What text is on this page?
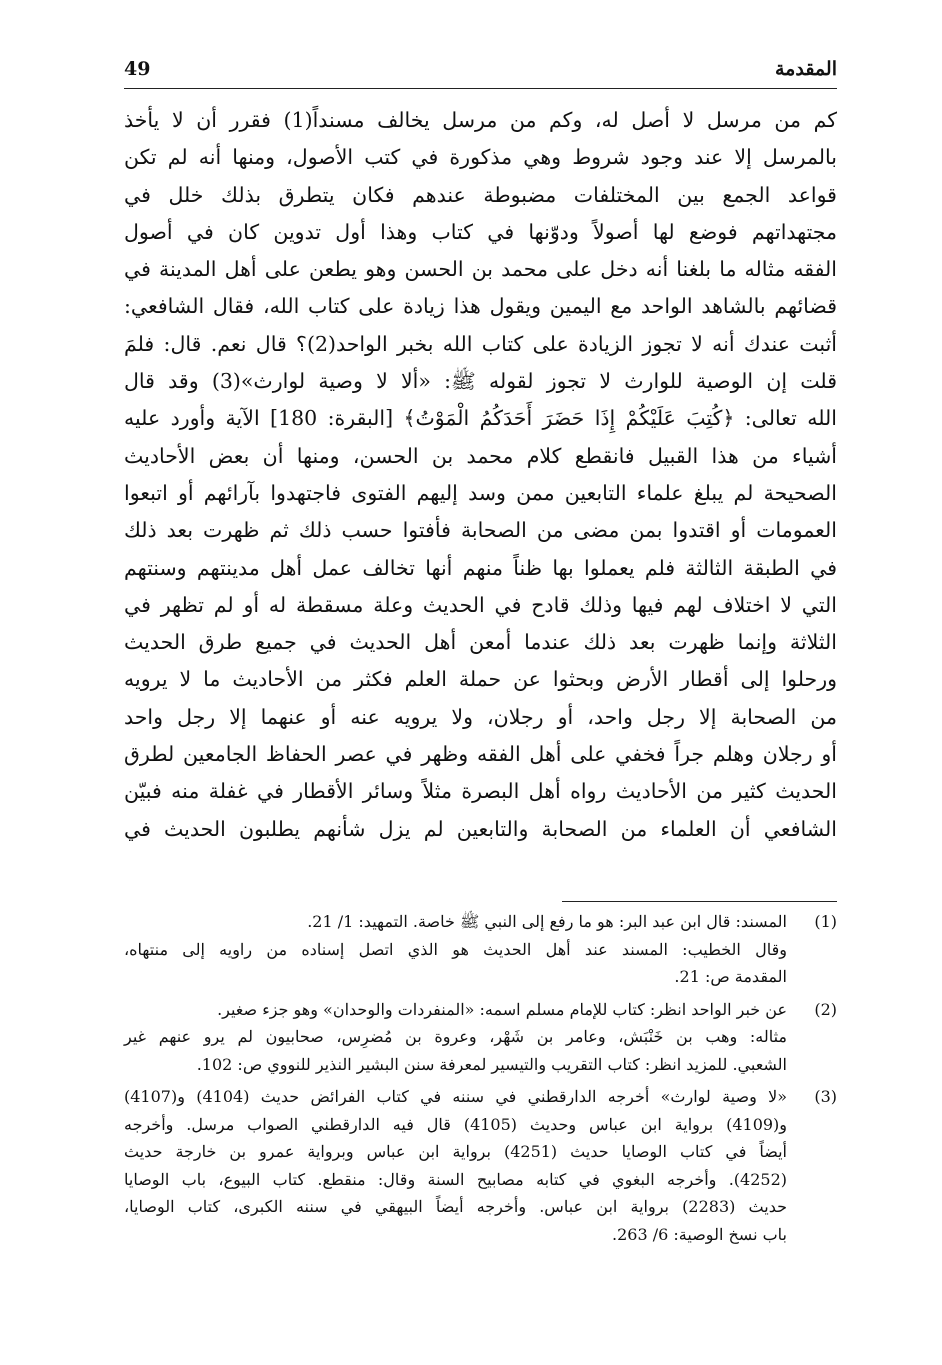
49	المقدمة
كم من مرسل لا أصل له، وكم من مرسل يخالف مسنداً(1) فقرر أن لا يأخذ
بالمرسل إلا عند وجود شروط وهي مذكورة في كتب الأصول، ومنها أنه لم تكن
قواعد الجمع بين المختلفات مضبوطة عندهم فكان يتطرق بذلك خلل في
مجتهداتهم فوضع لها أصولاً ودوّنها في كتاب وهذا أول تدوين كان في أصول
الفقه مثاله ما بلغنا أنه دخل على محمد بن الحسن وهو يطعن على أهل المدينة في
قضائهم بالشاهد الواحد مع اليمين ويقول هذا زيادة على كتاب الله، فقال الشافعي:
أثبت عندك أنه لا تجوز الزيادة على كتاب الله بخبر الواحد(2)؟ قال نعم. قال: فلمَ
قلت إن الوصية للوارث لا تجوز لقوله ﷺ: «ألا لا وصية لوارث»(3) وقد قال
الله تعالى: ﴿كُتِبَ عَلَيْكُمْ إِذَا حَضَرَ أَحَدَكُمُ الْمَوْتُ﴾ [البقرة: 180] الآية وأورد عليه
أشياء من هذا القبيل فانقطع كلام محمد بن الحسن، ومنها أن بعض الأحاديث
الصحيحة لم يبلغ علماء التابعين ممن وسد إليهم الفتوى فاجتهدوا بآرائهم أو اتبعوا
العمومات أو اقتدوا بمن مضى من الصحابة فأفتوا حسب ذلك ثم ظهرت بعد ذلك
في الطبقة الثالثة فلم يعملوا بها ظناً منهم أنها تخالف عمل أهل مدينتهم وسنتهم
التي لا اختلاف لهم فيها وذلك قادح في الحديث وعلة مسقطة له أو لم تظهر في
الثلاثة وإنما ظهرت بعد ذلك عندما أمعن أهل الحديث في جميع طرق الحديث
ورحلوا إلى أقطار الأرض وبحثوا عن حملة العلم فكثر من الأحاديث ما لا يرويه
من الصحابة إلا رجل واحد، أو رجلان، ولا يرويه عنه أو عنهما إلا رجل واحد
أو رجلان وهلم جراً فخفي على أهل الفقه وظهر في عصر الحفاظ الجامعين لطرق
الحديث كثير من الأحاديث رواه أهل البصرة مثلاً وسائر الأقطار في غفلة منه فبيّن
الشافعي أن العلماء من الصحابة والتابعين لم يزل شأنهم يطلبون الحديث في
(1)
المسند: قال ابن عبد البر: هو ما رفع إلى النبي ﷺ خاصة. التمهيد: 1/ 21.
وقال الخطيب: المسند عند أهل الحديث هو الذي اتصل إسناده من راويه إلى منتهاه،
المقدمة ص: 21.
(2)
عن خبر الواحد انظر: كتاب للإمام مسلم اسمه: «المنفردات والوحدان» وهو جزء صغير.
مثاله: وهب بن خَنْبَش، وعامر بن شَهْر، وعروة بن مُضرِس، صحابيون لم يرو عنهم غير
الشعبي. للمزيد انظر: كتاب التقريب والتيسير لمعرفة سنن البشير النذير للنووي ص: 102.
(3)
«لا وصية لوارث» أخرجه الدارقطني في سننه في كتاب الفرائض حديث (4104) و(4107)
و(4109) برواية ابن عباس وحديث (4105) قال فيه الدارقطني الصواب مرسل. وأخرجه
أيضاً في كتاب الوصايا حديث (4251) برواية ابن عباس وبرواية عمرو بن خارجة حديث
(4252). وأخرجه البغوي في كتابه مصابيح السنة وقال: منقطع. كتاب البيوع، باب الوصايا
حديث (2283) برواية ابن عباس. وأخرجه أيضاً البيهقي في سننه الكبرى، كتاب الوصايا،
باب نسخ الوصية: 6/ 263.
